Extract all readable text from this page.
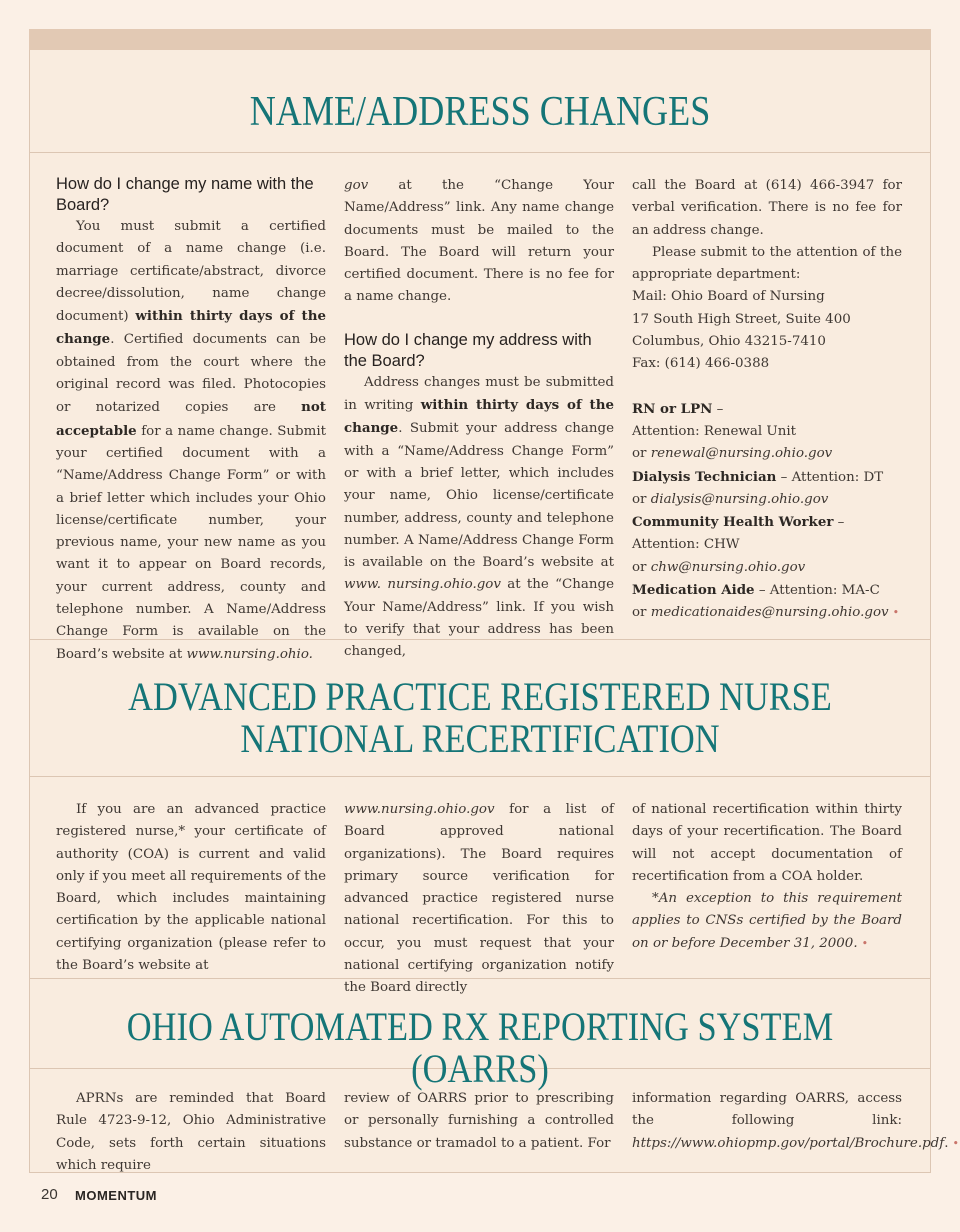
NAME/ADDRESS CHANGES
How do I change my name with the Board?

You must submit a certified document of a name change (i.e. marriage certificate/abstract, divorce decree/dissolution, name change document) within thirty days of the change. Certified documents can be obtained from the court where the original record was filed. Photocopies or notarized copies are not acceptable for a name change. Submit your certified document with a “Name/Address Change Form” or with a brief letter which includes your Ohio license/certificate number, your previous name, your new name as you want it to appear on Board records, your current address, county and telephone number. A Name/Address Change Form is available on the Board’s website at www.nursing.ohio.

gov at the “Change Your Name/Address” link. Any name change documents must be mailed to the Board. The Board will return your certified document. There is no fee for a name change.

How do I change my address with the Board?

Address changes must be submitted in writing within thirty days of the change. Submit your address change with a “Name/Address Change Form” or with a brief letter, which includes your name, Ohio license/certificate number, address, county and telephone number. A Name/Address Change Form is available on the Board’s website at www. nursing.ohio.gov at the “Change Your Name/Address” link. If you wish to verify that your address has been changed,

call the Board at (614) 466-3947 for verbal verification. There is no fee for an address change.

Please submit to the attention of the appropriate department:

Mail: Ohio Board of Nursing

17 South High Street, Suite 400

Columbus, Ohio 43215-7410

Fax: (614) 466-0388

RN or LPN –

Attention: Renewal Unit

or renewal@nursing.ohio.gov

Dialysis Technician – Attention: DT

or dialysis@nursing.ohio.gov

Community Health Worker –

Attention: CHW

or chw@nursing.ohio.gov

Medication Aide – Attention: MA-C

or medicationaides@nursing.ohio.gov •

ADVANCED PRACTICE REGISTERED NURSE
NATIONAL RECERTIFICATION

If you are an advanced practice registered nurse,* your certificate of authority (COA) is current and valid only if you meet all requirements of the Board, which includes maintaining certification by the applicable national certifying organization (please refer to the Board’s website at

www.nursing.ohio.gov for a list of Board approved national organizations). The Board requires primary source verification for advanced practice registered nurse national recertification. For this to occur, you must request that your national certifying organization notify the Board directly

of national recertification within thirty days of your recertification. The Board will not accept documentation of recertification from a COA holder.

*An exception to this requirement applies to CNSs certified by the Board on or before December 31, 2000. •

OHIO AUTOMATED RX REPORTING SYSTEM (OARRS)

APRNs are reminded that Board Rule 4723-9-12, Ohio Administrative Code, sets forth certain situations which require

review of OARRS prior to prescribing or personally furnishing a controlled substance or tramadol to a patient. For

information regarding OARRS, access the following link: https://www.ohiopmp.gov/portal/Brochure.pdf. •

20 MOMENTUM
